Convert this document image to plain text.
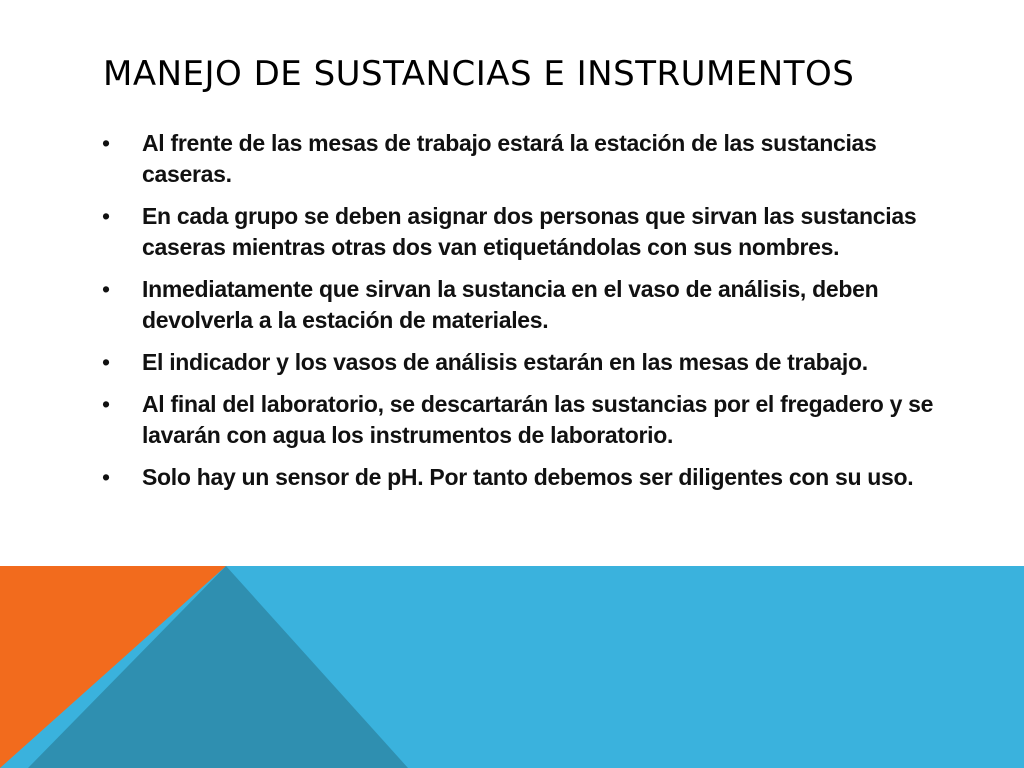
MANEJO DE SUSTANCIAS E INSTRUMENTOS
•	Al frente de las mesas de trabajo estará la estación de las sustancias caseras.
•	En cada grupo se deben asignar dos personas que sirvan las sustancias caseras mientras otras dos van etiquetándolas con sus nombres.
•	Inmediatamente que sirvan la sustancia en el vaso de análisis, deben devolverla a la estación de materiales.
•	El indicador y los vasos de análisis estarán en las mesas de trabajo.
•	Al final del laboratorio, se descartarán las sustancias por el fregadero y se lavarán con agua los instrumentos de laboratorio.
•	Solo hay un sensor de pH. Por tanto debemos ser diligentes con su uso.
